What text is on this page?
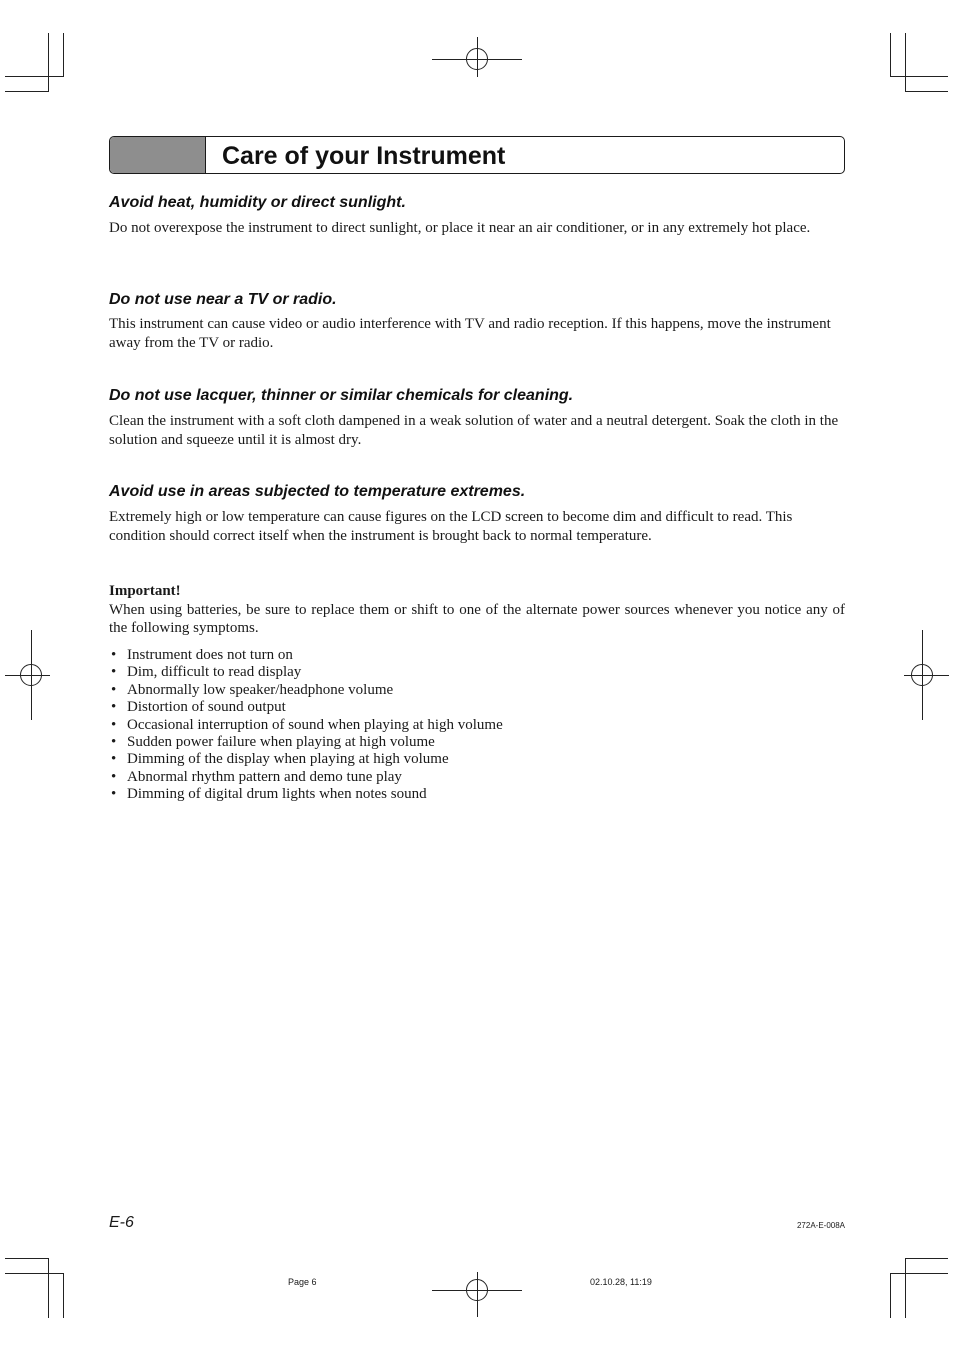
Care of your Instrument
Avoid heat, humidity or direct sunlight.
Do not overexpose the instrument to direct sunlight, or place it near an air conditioner, or in any extremely hot place.
Do not use near a TV or radio.
This instrument can cause video or audio interference with TV and radio reception. If this happens, move the instrument away from the TV or radio.
Do not use lacquer, thinner or similar chemicals for cleaning.
Clean the instrument with a soft cloth dampened in a weak solution of water and a neutral detergent. Soak the cloth in the solution and squeeze until it is almost dry.
Avoid use in areas subjected to temperature extremes.
Extremely high or low temperature can cause figures on the LCD screen to become dim and difficult to read. This condition should correct itself when the instrument is brought back to normal temperature.
Important!
When using batteries, be sure to replace them or shift to one of the alternate power sources whenever you notice any of the following symptoms.
• Instrument does not turn on
• Dim, difficult to read display
• Abnormally low speaker/headphone volume
• Distortion of sound output
• Occasional interruption of sound when playing at high volume
• Sudden power failure when playing at high volume
• Dimming of the display when playing at high volume
• Abnormal rhythm pattern and demo tune play
• Dimming of digital drum lights when notes sound
E-6	272A-E-008A
Page 6	02.10.28, 11:19
